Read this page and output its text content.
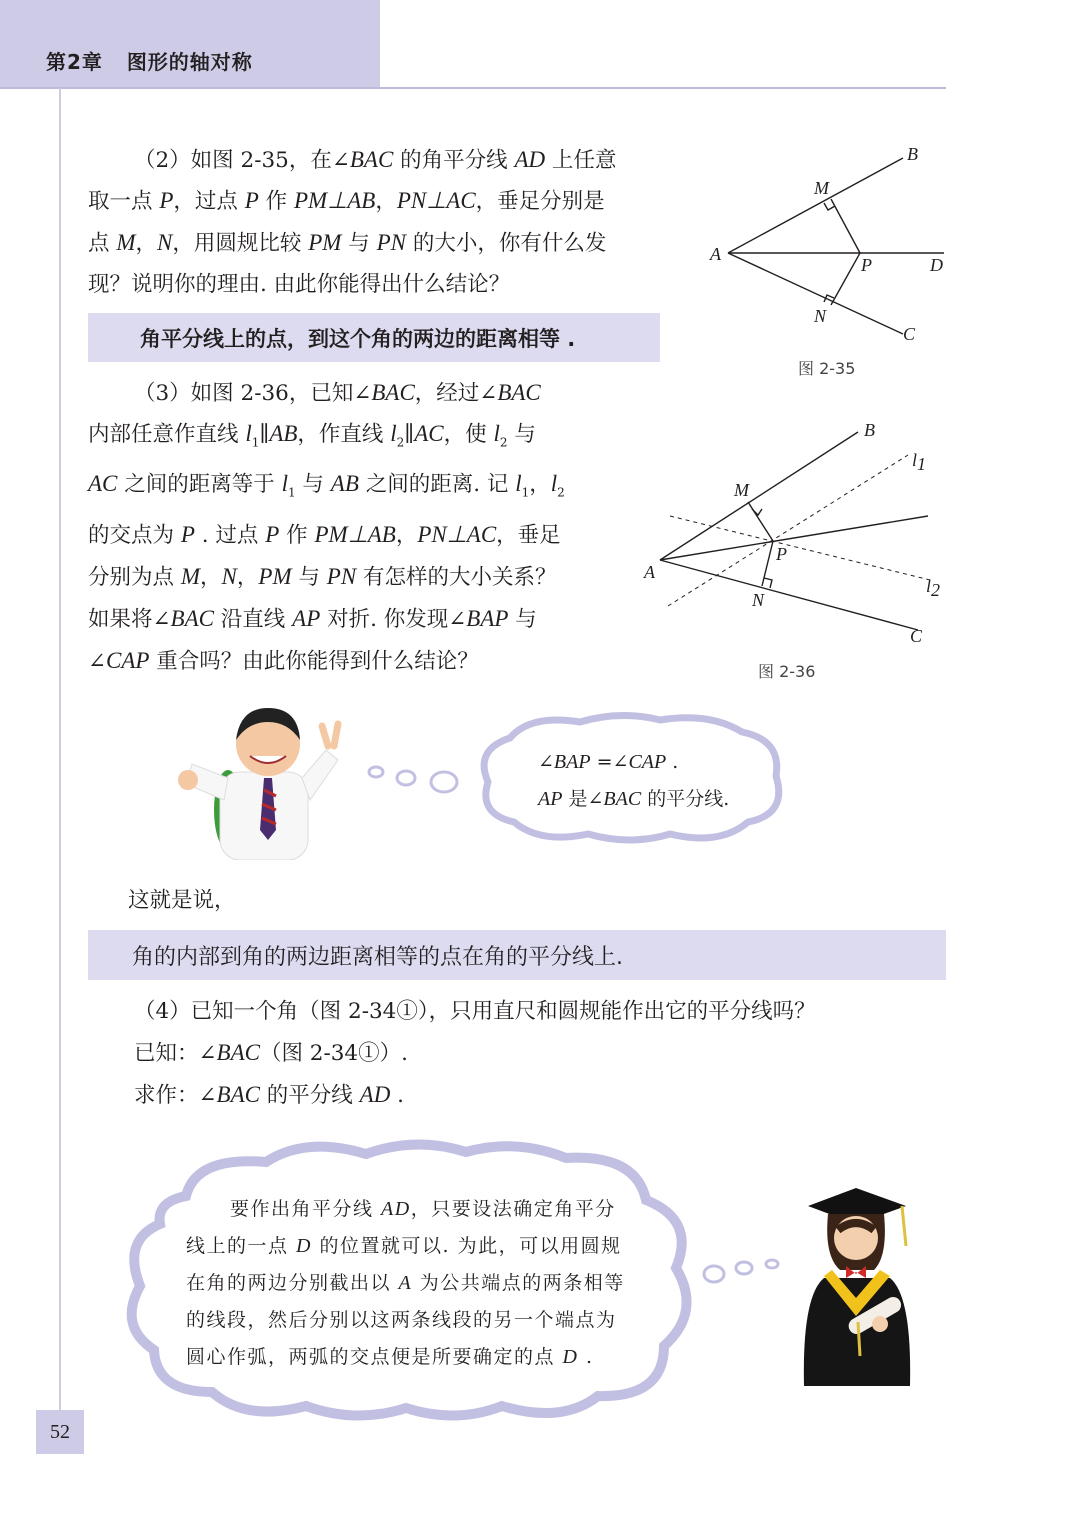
第2章 图形的轴对称
（2）如图 2-35，在∠BAC 的角平分线 AD 上任意
取一点 P，过点 P 作 PM⊥AB，PN⊥AC，垂足分别是
点 M，N，用圆规比较 PM 与 PN 的大小，你有什么发
现？说明你的理由. 由此你能得出什么结论？
角平分线上的点，到这个角的两边的距离相等 .
A
B
M
P	D
N
C
图 2-35
（3）如图 2-36，已知∠BAC，经过∠BAC
内部任意作直线 $l_1\parallel AB$，作直线 $l_2\parallel AC$，使 $l_2$ 与
AC 之间的距离等于 $l_1$ 与 AB 之间的距离. 记 $l_1$，$l_2$
的交点为 P . 过点 P 作 PM⊥AB，PN⊥AC，垂足
分别为点 M，N，PM 与 PN 有怎样的大小关系？
如果将∠BAC 沿直线 AP 对折. 你发现∠BAP 与
∠CAP 重合吗？由此你能得到什么结论？
A
B
M
P
N
C
l1
l2
图 2-36
∠BAP =∠CAP .
AP 是∠BAC 的平分线.
这就是说，
角的内部到角的两边距离相等的点在角的平分线上.
（4）已知一个角（图 2-34①），只用直尺和圆规能作出它的平分线吗？
已知：∠BAC（图 2-34①）.
求作：∠BAC 的平分线 AD .
要作出角平分线 AD，只要设法确定角平分
线上的一点 D 的位置就可以. 为此，可以用圆规
在角的两边分别截出以 A 为公共端点的两条相等
的线段，然后分别以这两条线段的另一个端点为
圆心作弧，两弧的交点便是所要确定的点 D .
52
